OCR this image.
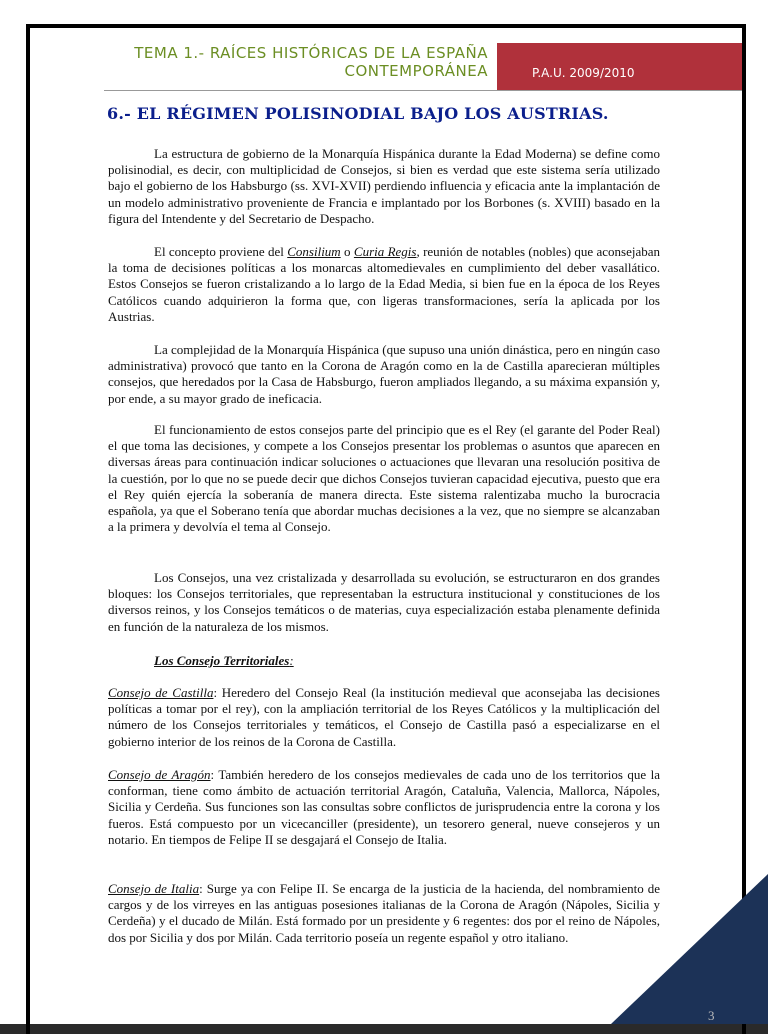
TEMA 1.- RAÍCES HISTÓRICAS DE LA ESPAÑA
CONTEMPORÁNEA	P.A.U. 2009/2010
6.- EL RÉGIMEN POLISINODIAL BAJO LOS AUSTRIAS.

La estructura de gobierno de la Monarquía Hispánica durante la Edad Moderna) se define como polisinodial, es decir, con multiplicidad de Consejos, si bien es verdad que este sistema sería utilizado bajo el gobierno de los Habsburgo (ss. XVI-XVII) perdiendo influencia y eficacia ante la implantación de un modelo administrativo proveniente de Francia e implantado por los Borbones (s. XVIII) basado en la figura del Intendente y del Secretario de Despacho.

El concepto proviene del Consilium o Curia Regis, reunión de notables (nobles) que aconsejaban la toma de decisiones políticas a los monarcas altomedievales en cumplimiento del deber vasallático. Estos Consejos se fueron cristalizando a lo largo de la Edad Media, si bien fue en la época de los Reyes Católicos cuando adquirieron la forma que, con ligeras transformaciones, sería la aplicada por los Austrias.

La complejidad de la Monarquía Hispánica (que supuso una unión dinástica, pero en ningún caso administrativa) provocó que tanto en la Corona de Aragón como en la de Castilla aparecieran múltiples consejos, que heredados por la Casa de Habsburgo, fueron ampliados llegando, a su máxima expansión y, por ende, a su mayor grado de ineficacia.

El funcionamiento de estos consejos parte del principio que es el Rey (el garante del Poder Real) el que toma las decisiones, y compete a los Consejos presentar los problemas o asuntos que aparecen en diversas áreas para continuación indicar soluciones o actuaciones que llevaran una resolución positiva de la cuestión, por lo que no se puede decir que dichos Consejos tuvieran capacidad ejecutiva, puesto que era el Rey quién ejercía la soberanía de manera directa. Este sistema ralentizaba mucho la burocracia española, ya que el Soberano tenía que abordar muchas decisiones a la vez, que no siempre se alcanzaban a la primera y devolvía el tema al Consejo.

Los Consejos, una vez cristalizada y desarrollada su evolución, se estructuraron en dos grandes bloques: los Consejos territoriales, que representaban la estructura institucional y constituciones de los diversos reinos, y los Consejos temáticos o de materias, cuya especialización estaba plenamente definida en función de la naturaleza de los mismos.

Los Consejo Territoriales:

Consejo de Castilla: Heredero del Consejo Real (la institución medieval que aconsejaba las decisiones políticas a tomar por el rey), con la ampliación territorial de los Reyes Católicos y la multiplicación del número de los Consejos territoriales y temáticos, el Consejo de Castilla pasó a especializarse en el gobierno interior de los reinos de la Corona de Castilla.

Consejo de Aragón: También heredero de los consejos medievales de cada uno de los territorios que la conforman, tiene como ámbito de actuación territorial Aragón, Cataluña, Valencia, Mallorca, Nápoles, Sicilia y Cerdeña. Sus funciones son las consultas sobre conflictos de jurisprudencia entre la corona y los fueros. Está compuesto por un vicecanciller (presidente), un tesorero general, nueve consejeros y un notario. En tiempos de Felipe II se desgajará el Consejo de Italia.

Consejo de Italia: Surge ya con Felipe II. Se encarga de la justicia de la hacienda, del nombramiento de cargos y de los virreyes en las antiguas posesiones italianas de la Corona de Aragón (Nápoles, Sicilia y Cerdeña) y el ducado de Milán. Está formado por un presidente y 6 regentes: dos por el reino de Nápoles, dos por Sicilia y dos por Milán. Cada territorio poseía un regente español y otro italiano.

3
